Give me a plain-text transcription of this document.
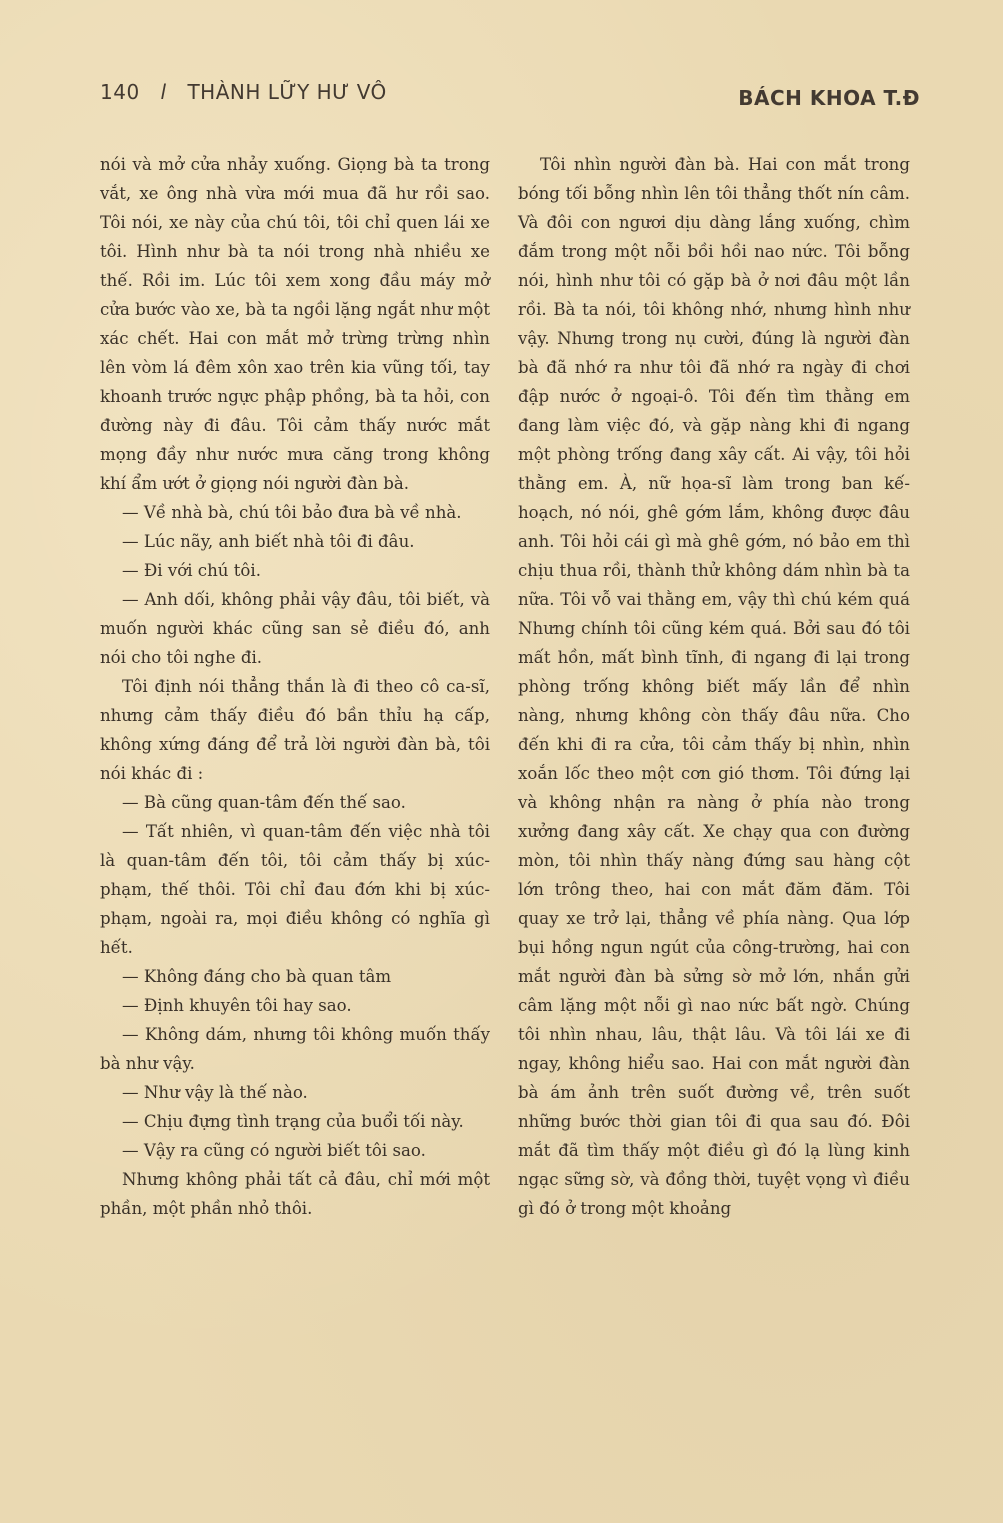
140 l THÀNH LỮY HƯ VÔ	BÁCH KHOA T.Đ

nói và mở cửa nhảy xuống. Giọng bà ta trong vắt, xe ông nhà vừa mới mua đã hư rồi sao. Tôi nói, xe này của chú tôi, tôi chỉ quen lái xe tôi. Hình như bà ta nói trong nhà nhiều xe thế. Rồi im. Lúc tôi xem xong đầu máy mở cửa bước vào xe, bà ta ngồi lặng ngắt như một xác chết. Hai con mắt mở trừng trừng nhìn lên vòm lá đêm xôn xao trên kia vũng tối, tay khoanh trước ngực phập phồng, bà ta hỏi, con đường này đi đâu. Tôi cảm thấy nước mắt mọng đầy như nước mưa căng trong không khí ẩm ướt ở giọng nói người đàn bà.

— Về nhà bà, chú tôi bảo đưa bà về nhà.

— Lúc nãy, anh biết nhà tôi đi đâu.

— Đi với chú tôi.

— Anh dối, không phải vậy đâu, tôi biết, và muốn người khác cũng san sẻ điều đó, anh nói cho tôi nghe đi.

Tôi định nói thẳng thắn là đi theo cô ca-sĩ, nhưng cảm thấy điều đó bần thỉu hạ cấp, không xứng đáng để trả lời người đàn bà, tôi nói khác đi :

— Bà cũng quan-tâm đến thế sao.

— Tất nhiên, vì quan-tâm đến việc nhà tôi là quan-tâm đến tôi, tôi cảm thấy bị xúc-phạm, thế thôi. Tôi chỉ đau đớn khi bị xúc-phạm, ngoài ra, mọi điều không có nghĩa gì hết.

— Không đáng cho bà quan tâm

— Định khuyên tôi hay sao.

— Không dám, nhưng tôi không muốn thấy bà như vậy.

— Như vậy là thế nào.

— Chịu đựng tình trạng của buổi tối này.

— Vậy ra cũng có người biết tôi sao.

Nhưng không phải tất cả đâu, chỉ mới một phần, một phần nhỏ thôi.

Tôi nhìn người đàn bà. Hai con mắt trong bóng tối bỗng nhìn lên tôi thẳng thốt nín câm. Và đôi con ngươi dịu dàng lắng xuống, chìm đắm trong một nỗi bồi hồi nao nức. Tôi bỗng nói, hình như tôi có gặp bà ở nơi đâu một lần rồi. Bà ta nói, tôi không nhớ, nhưng hình như vậy. Nhưng trong nụ cười, đúng là người đàn bà đã nhớ ra như tôi đã nhớ ra ngày đi chơi đập nước ở ngoại-ô. Tôi đến tìm thằng em đang làm việc đó, và gặp nàng khi đi ngang một phòng trống đang xây cất. Ai vậy, tôi hỏi thằng em. À, nữ họa-sĩ làm trong ban kế-hoạch, nó nói, ghê gớm lắm, không được đâu anh. Tôi hỏi cái gì mà ghê gớm, nó bảo em thì chịu thua rồi, thành thử không dám nhìn bà ta nữa. Tôi vỗ vai thằng em, vậy thì chú kém quá Nhưng chính tôi cũng kém quá. Bởi sau đó tôi mất hồn, mất bình tĩnh, đi ngang đi lại trong phòng trống không biết mấy lần để nhìn nàng, nhưng không còn thấy đâu nữa. Cho đến khi đi ra cửa, tôi cảm thấy bị nhìn, nhìn xoắn lốc theo một cơn gió thơm. Tôi đứng lại và không nhận ra nàng ở phía nào trong xưởng đang xây cất. Xe chạy qua con đường mòn, tôi nhìn thấy nàng đứng sau hàng cột lớn trông theo, hai con mắt đăm đăm. Tôi quay xe trở lại, thẳng về phía nàng. Qua lớp bụi hồng ngun ngút của công-trường, hai con mắt người đàn bà sửng sờ mở lớn, nhắn gửi câm lặng một nỗi gì nao nức bất ngờ. Chúng tôi nhìn nhau, lâu, thật lâu. Và tôi lái xe đi ngay, không hiểu sao. Hai con mắt người đàn bà ám ảnh trên suốt đường về, trên suốt những bước thời gian tôi đi qua sau đó. Đôi mắt đã tìm thấy một điều gì đó lạ lùng kinh ngạc sững sờ, và đồng thời, tuyệt vọng vì điều gì đó ở trong một khoảng
